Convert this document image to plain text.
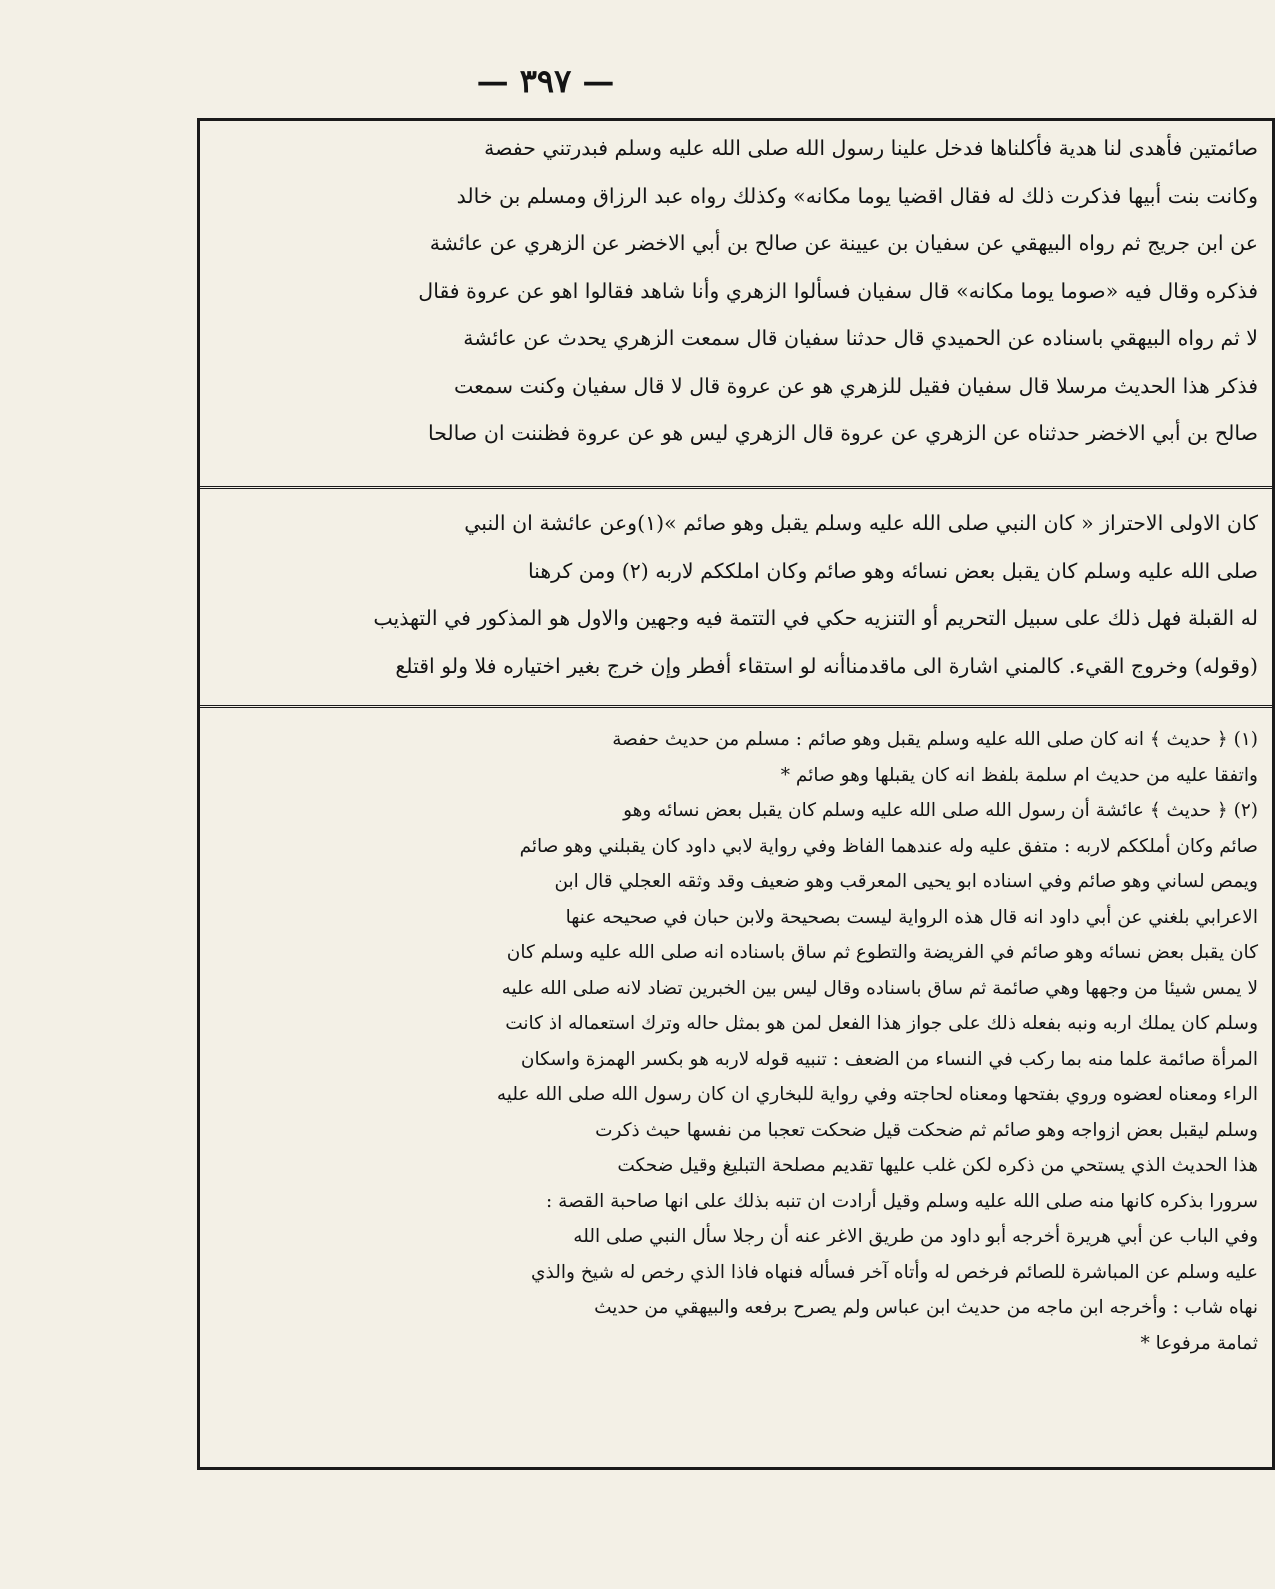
— ٣٩٧ —

صائمتين فأهدى لنا هدية فأكلناها فدخل علينا رسول الله صلى الله عليه وسلم فبدرتني حفصة

وكانت بنت أبيها فذكرت ذلك له فقال اقضيا يوما مكانه» وكذلك رواه عبد الرزاق ومسلم بن خالد

عن ابن جريج ثم رواه البيهقي عن سفيان بن عيينة عن صالح بن أبي الاخضر عن الزهري عن عائشة

فذكره وقال فيه «صوما يوما مكانه» قال سفيان فسألوا الزهري وأنا شاهد فقالوا اهو عن عروة فقال

لا ثم رواه البيهقي باسناده عن الحميدي قال حدثنا سفيان قال سمعت الزهري يحدث عن عائشة

فذكر هذا الحديث مرسلا قال سفيان فقيل للزهري هو عن عروة قال لا قال سفيان وكنت سمعت

صالح بن أبي الاخضر حدثناه عن الزهري عن عروة قال الزهري ليس هو عن عروة فظننت ان صالحا

كان الاولى الاحتراز « كان النبي صلى الله عليه وسلم يقبل وهو صائم »(١)وعن عائشة ان النبي

صلى الله عليه وسلم كان يقبل بعض نسائه وهو صائم وكان املككم لاربه (٢) ومن كرهنا

له القبلة فهل ذلك على سبيل التحريم أو التنزيه حكي في التتمة فيه وجهين والاول هو المذكور في التهذيب

(وقوله) وخروج القيء. كالمني اشارة الى ماقدمناأنه لو استقاء أفطر وإن خرج بغير اختياره فلا ولو اقتلع

(١) ﴿ حديث ﴾ انه كان صلى الله عليه وسلم يقبل وهو صائم : مسلم من حديث حفصة

واتفقا عليه من حديث ام سلمة بلفظ انه كان يقبلها وهو صائم *

(٢) ﴿ حديث ﴾ عائشة أن رسول الله صلى الله عليه وسلم كان يقبل بعض نسائه وهو

صائم وكان أملككم لاربه : متفق عليه وله عندهما الفاظ وفي رواية لابي داود كان يقبلني وهو صائم

ويمص لساني وهو صائم وفي اسناده ابو يحيى المعرقب وهو ضعيف وقد وثقه العجلي قال ابن

الاعرابي بلغني عن أبي داود انه قال هذه الرواية ليست بصحيحة ولابن حبان في صحيحه عنها

كان يقبل بعض نسائه وهو صائم في الفريضة والتطوع ثم ساق باسناده انه صلى الله عليه وسلم كان

لا يمس شيئا من وجهها وهي صائمة ثم ساق باسناده وقال ليس بين الخبرين تضاد لانه صلى الله عليه

وسلم كان يملك اربه ونبه بفعله ذلك على جواز هذا الفعل لمن هو بمثل حاله وترك استعماله اذ كانت

المرأة صائمة علما منه بما ركب في النساء من الضعف : تنبيه قوله لاربه هو بكسر الهمزة واسكان

الراء ومعناه لعضوه وروي بفتحها ومعناه لحاجته وفي رواية للبخاري ان كان رسول الله صلى الله عليه

وسلم ليقبل بعض ازواجه وهو صائم ثم ضحكت قيل ضحكت تعجبا من نفسها حيث ذكرت

هذا الحديث الذي يستحي من ذكره لكن غلب عليها تقديم مصلحة التبليغ وقيل ضحكت

سرورا بذكره كانها منه صلى الله عليه وسلم وقيل أرادت ان تنبه بذلك على انها صاحبة القصة :

وفي الباب عن أبي هريرة أخرجه أبو داود من طريق الاغر عنه أن رجلا سأل النبي صلى الله

عليه وسلم عن المباشرة للصائم فرخص له وأتاه آخر فسأله فنهاه فاذا الذي رخص له شيخ والذي

نهاه شاب : وأخرجه ابن ماجه من حديث ابن عباس ولم يصرح برفعه والبيهقي من حديث

ثمامة مرفوعا *
